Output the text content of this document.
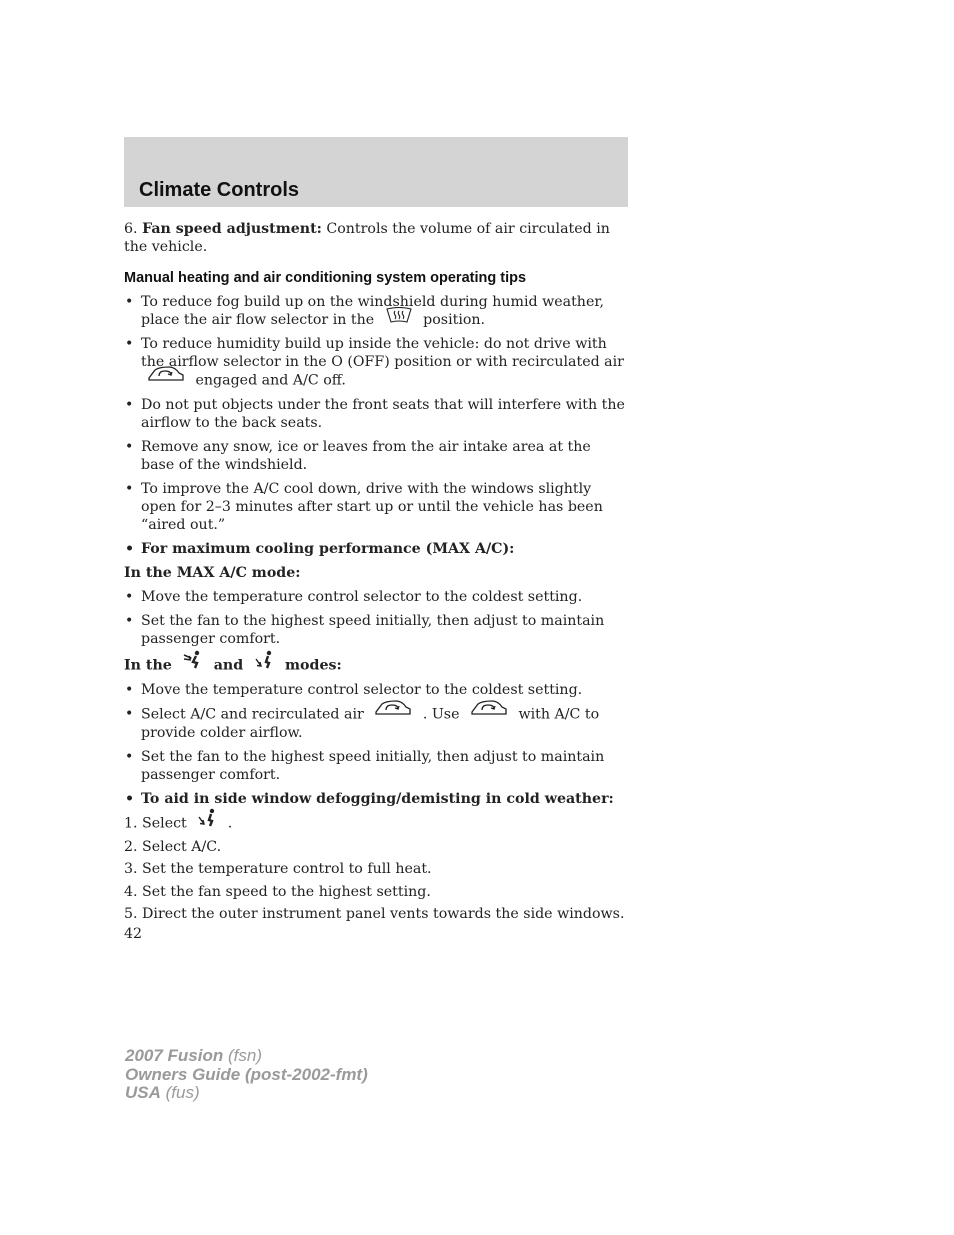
Climate Controls

6. Fan speed adjustment: Controls the volume of air circulated in the vehicle.

Manual heating and air conditioning system operating tips
• To reduce fog build up on the windshield during humid weather, place the air flow selector in the	position.
• To reduce humidity build up inside the vehicle: do not drive with the airflow selector in the O (OFF) position or with recirculated air  engaged and A/C off.
• Do not put objects under the front seats that will interfere with the airflow to the back seats.
• Remove any snow, ice or leaves from the air intake area at the base of the windshield.
• To improve the A/C cool down, drive with the windows slightly open for 2–3 minutes after start up or until the vehicle has been “aired out.”
• For maximum cooling performance (MAX A/C):

In the MAX A/C mode:

• Move the temperature control selector to the coldest setting.
• Set the fan to the highest speed initially, then adjust to maintain passenger comfort.

In the	and	modes:

• Move the temperature control selector to the coldest setting.
• Select A/C and recirculated air	. Use	with A/C to provide colder airflow.
• Set the fan to the highest speed initially, then adjust to maintain passenger comfort.
• To aid in side window defogging/demisting in cold weather:

1. Select	.

2. Select A/C.

3. Set the temperature control to full heat.

4. Set the fan speed to the highest setting.

5. Direct the outer instrument panel vents towards the side windows.

42
2007 Fusion (fsn)
Owners Guide (post-2002-fmt)
USA (fus)
